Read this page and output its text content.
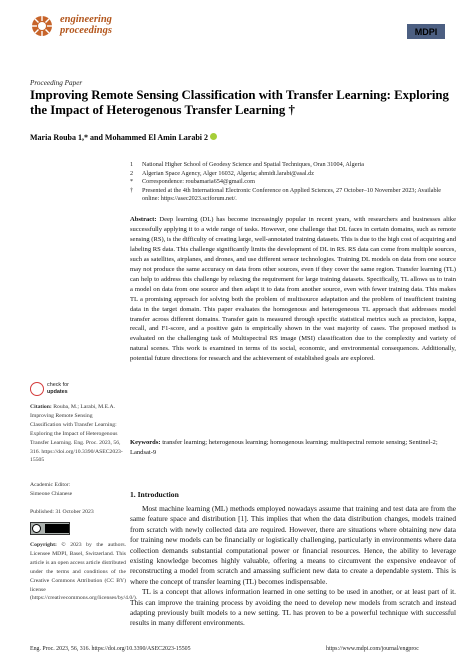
engineering
proceedings	MDPI
Proceeding Paper
Improving Remote Sensing Classification with Transfer Learning: Exploring the Impact of Heterogenous Transfer Learning †
Maria Rouba 1,* and Mohammed El Amin Larabi 2
1	National Higher School of Geodesy Science and Spatial Techniques, Oran 31004, Algeria
2	Algerian Space Agency, Alger 16032, Algeria; ahmidi.larabi@asal.dz
*	Correspondence: roubamaria654@gmail.com
†	Presented at the 4th International Electronic Conference on Applied Sciences, 27 October–10 November 2023; Available online: https://asec2023.sciforum.net/.
Abstract: Deep learning (DL) has become increasingly popular in recent years, with researchers and businesses alike successfully applying it to a wide range of tasks. However, one challenge that DL faces in certain domains, such as remote sensing (RS), is the difficulty of creating large, well-annotated training datasets. This is due to the high cost of acquiring and labeling RS data. This challenge significantly limits the development of DL in RS. RS data can come from multiple sources, such as satellites, airplanes, and drones, and use different sensor technologies. Training DL models on data from one source may not produce the same accuracy on data from other sources, even if they cover the same region. Transfer learning (TL) can help to address this challenge by relaxing the requirement for large training datasets. Specifically, TL allows us to train a model on data from one source and then adapt it to data from another source, even with fewer training data. This makes TL a promising approach for solving both the problem of multisource adaptation and the problem of insufficient training data in the target domain. This paper evaluates the homogenous and heterogeneous TL approach that addresses model transfer across different domains. Transfer gain is measured through specific statistical metrics such as precision, kappa, recall, and F1-score, and a positive gain is empirically shown in the vast majority of cases. The proposed method is evaluated on the challenging task of Multispectral RS image (MSI) classification due to the complexity and variety of natural scenes. This work is examined in terms of its social, economic, and environmental consequences. Additionally, potential future directions for research and the achievement of established goals are explored.
Keywords: transfer learning; heterogenous learning; homogenous learning; multispectral remote sensing; Sentinel-2; Landsat-9
check for
updates
Citation: Rouba, M.; Larabi, M.E.A. Improving Remote Sensing Classification with Transfer Learning: Exploring the Impact of Heterogenous Transfer Learning. Eng. Proc. 2023, 56, 316. https://doi.org/10.3390/ASEC2023-15505
Academic Editor:
Simeone Chianese
Published: 31 October 2023
Copyright: © 2023 by the authors. Licensee MDPI, Basel, Switzerland. This article is an open access article distributed under the terms and conditions of the Creative Commons Attribution (CC BY) license (https://creativecommons.org/licenses/by/4.0/).
1. Introduction

Most machine learning (ML) methods employed nowadays assume that training and test data are from the same feature space and distribution [1]. This implies that when the data distribution changes, models trained from scratch with newly collected data are required. However, there are situations where obtaining new data for training new models can be financially or logistically challenging, particularly in environments where data collection demands substantial computational power or financial resources. Hence, the ability to leverage existing knowledge becomes highly valuable, offering a means to circumvent the expensive endeavor of reconstructing a model from scratch and amassing sufficient new data to create a dependable system. This is where the concept of transfer learning (TL) becomes indispensable.

TL is a concept that allows information learned in one setting to be used in another, or at least part of it. This can improve the training process by avoiding the need to develop new models from scratch and instead adapting previously built models to a new setting. TL has proven to be a powerful technique with successful results in many different environments.

Eng. Proc. 2023, 56, 316. https://doi.org/10.3390/ASEC2023-15505	https://www.mdpi.com/journal/engproc
